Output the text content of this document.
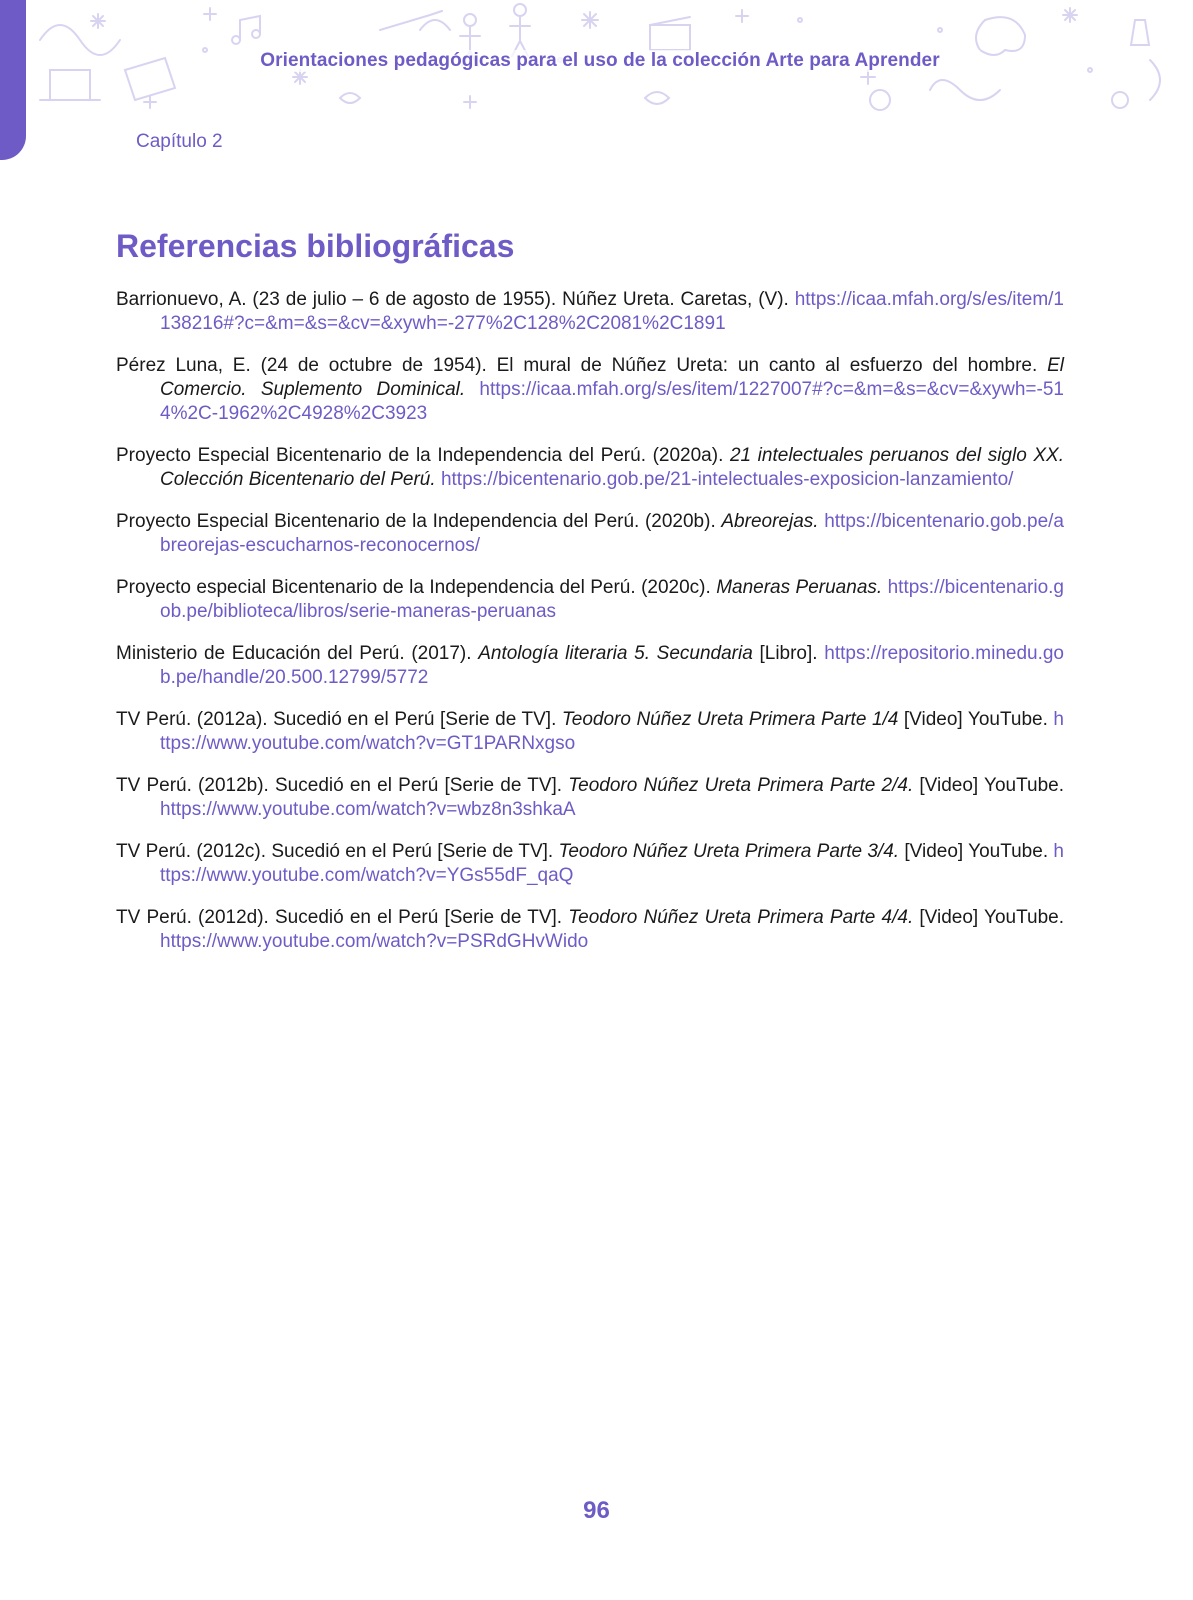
Orientaciones pedagógicas para el uso de la colección Arte para Aprender
Capítulo 2
Referencias bibliográficas
Barrionuevo, A. (23 de julio – 6 de agosto de 1955). Núñez Ureta. Caretas, (V). https://icaa.mfah.org/s/es/item/1138216#?c=&m=&s=&cv=&xywh=-277%2C128%2C2081%2C1891
Pérez Luna, E. (24 de octubre de 1954). El mural de Núñez Ureta: un canto al esfuerzo del hombre. El Comercio. Suplemento Dominical. https://icaa.mfah.org/s/es/item/1227007#?c=&m=&s=&cv=&xywh=-514%2C-1962%2C4928%2C3923
Proyecto Especial Bicentenario de la Independencia del Perú. (2020a). 21 intelectuales peruanos del siglo XX. Colección Bicentenario del Perú. https://bicentenario.gob.pe/21-intelectuales-exposicion-lanzamiento/
Proyecto Especial Bicentenario de la Independencia del Perú. (2020b). Abreorejas. https://bicentenario.gob.pe/abreorejas-escucharnos-reconocernos/
Proyecto especial Bicentenario de la Independencia del Perú. (2020c). Maneras Peruanas. https://bicentenario.gob.pe/biblioteca/libros/serie-maneras-peruanas
Ministerio de Educación del Perú. (2017). Antología literaria 5. Secundaria [Libro]. https://repositorio.minedu.gob.pe/handle/20.500.12799/5772
TV Perú. (2012a). Sucedió en el Perú [Serie de TV]. Teodoro Núñez Ureta Primera Parte 1/4 [Video] YouTube. https://www.youtube.com/watch?v=GT1PARNxgso
TV Perú. (2012b). Sucedió en el Perú [Serie de TV]. Teodoro Núñez Ureta Primera Parte 2/4. [Video] YouTube. https://www.youtube.com/watch?v=wbz8n3shkaA
TV Perú. (2012c). Sucedió en el Perú [Serie de TV]. Teodoro Núñez Ureta Primera Parte 3/4. [Video] YouTube. https://www.youtube.com/watch?v=YGs55dF_qaQ
TV Perú. (2012d). Sucedió en el Perú [Serie de TV]. Teodoro Núñez Ureta Primera Parte 4/4. [Video] YouTube. https://www.youtube.com/watch?v=PSRdGHvWido
96
